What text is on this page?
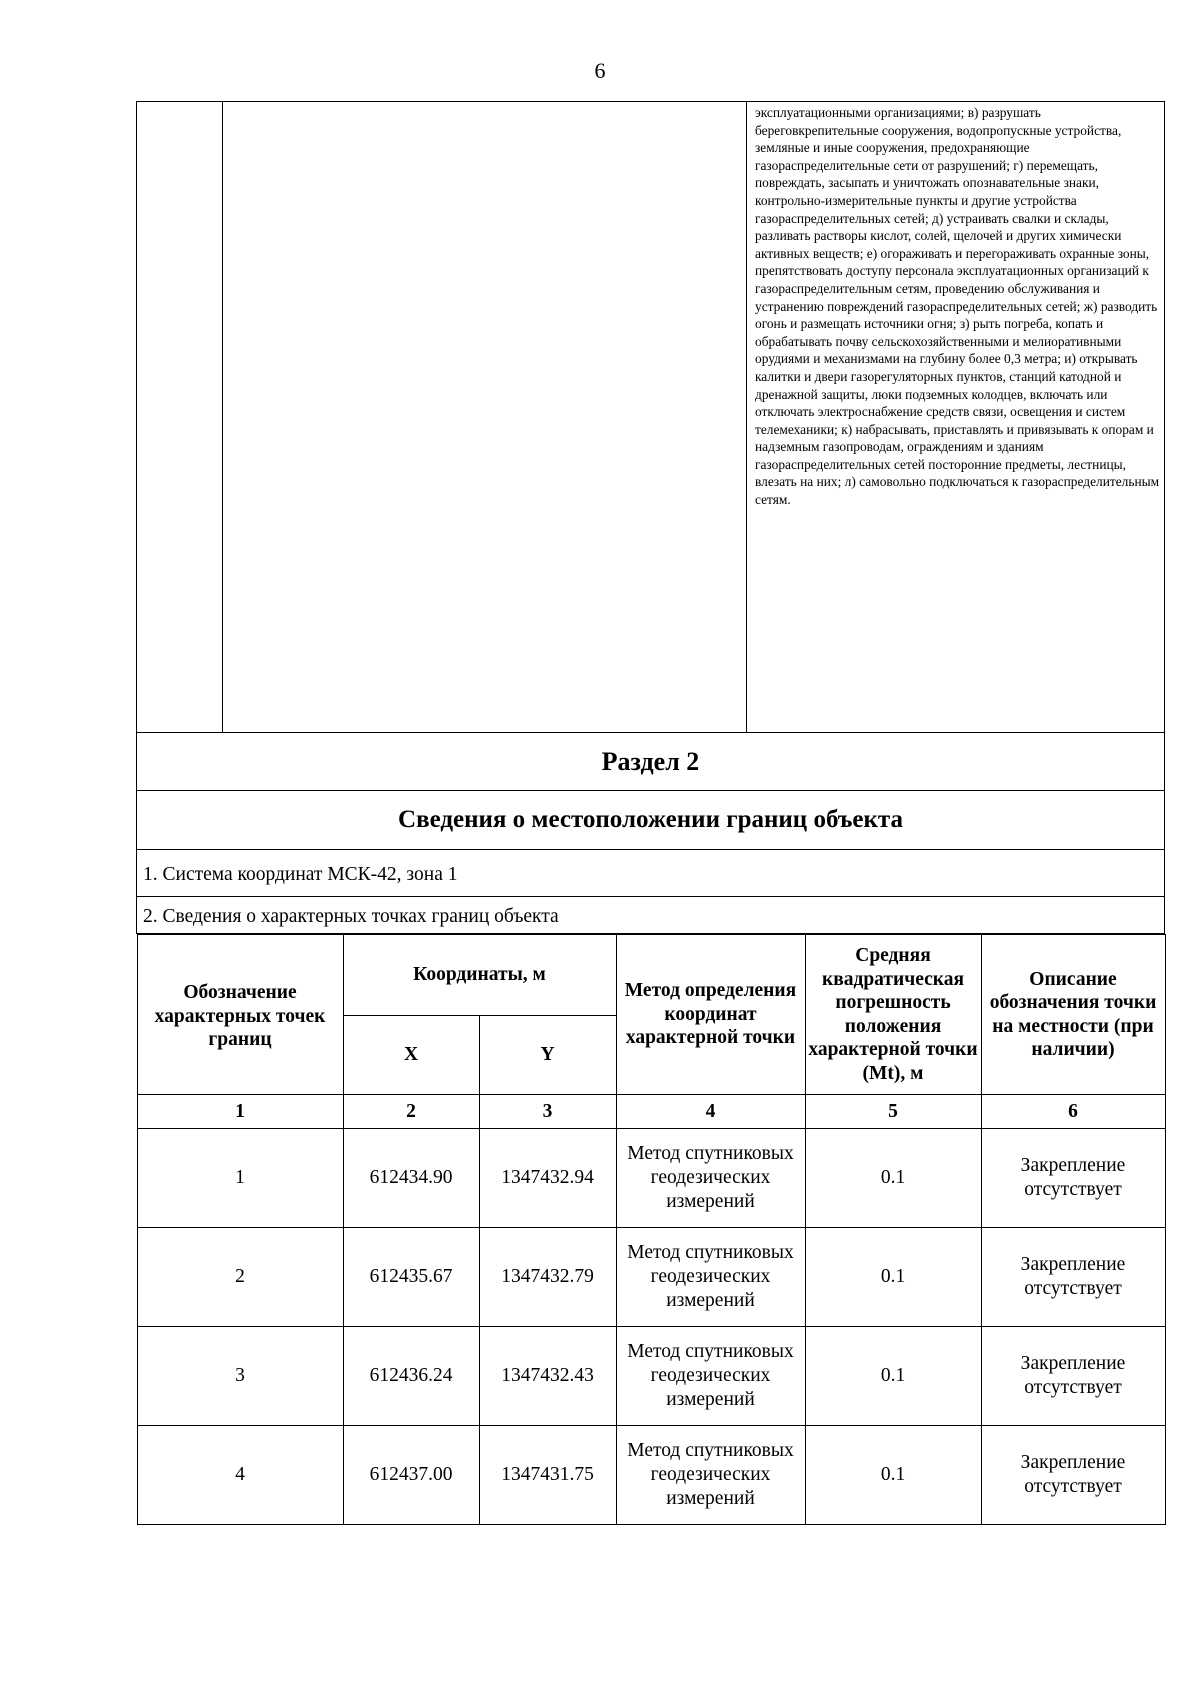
6

эксплуатационными организациями; в) разрушать береговкрепительные сооружения, водопропускные устройства, земляные и иные сооружения, предохраняющие газораспределительные сети от разрушений; г) перемещать, повреждать, засыпать и уничтожать опознавательные знаки, контрольно-измерительные пункты и другие устройства газораспределительных сетей; д) устраивать свалки и склады, разливать растворы кислот, солей, щелочей и других химически активных веществ; е) огораживать и перегораживать охранные зоны, препятствовать доступу персонала эксплуатационных организаций к газораспределительным сетям, проведению обслуживания и устранению повреждений газораспределительных сетей; ж) разводить огонь и размещать источники огня; з) рыть погреба, копать и обрабатывать почву сельскохозяйственными и мелиоративными орудиями и механизмами на глубину более 0,3 метра; и) открывать калитки и двери газорегуляторных пунктов, станций катодной и дренажной защиты, люки подземных колодцев, включать или отключать электроснабжение средств связи, освещения и систем телемеханики; к) набрасывать, приставлять и привязывать к опорам и надземным газопроводам, ограждениям и зданиям газораспределительных сетей посторонние предметы, лестницы, влезать на них; л) самовольно подключаться к газораспределительным сетям.

Раздел 2
Сведения о местоположении границ объекта
1. Система координат МСК-42, зона 1
2. Сведения о характерных точках границ объекта

Обозначение характерных точек границ	Координаты, м	Метод определения координат характерной точки	Средняя квадратическая погрешность положения характерной точки (Mt), м	Описание обозначения точки на местности (при наличии)
X	Y
1	2	3	4	5	6
1	612434.90	1347432.94	Метод спутниковых геодезических измерений	0.1	Закрепление отсутствует
2	612435.67	1347432.79	Метод спутниковых геодезических измерений	0.1	Закрепление отсутствует
3	612436.24	1347432.43	Метод спутниковых геодезических измерений	0.1	Закрепление отсутствует
4	612437.00	1347431.75	Метод спутниковых геодезических измерений	0.1	Закрепление отсутствует
